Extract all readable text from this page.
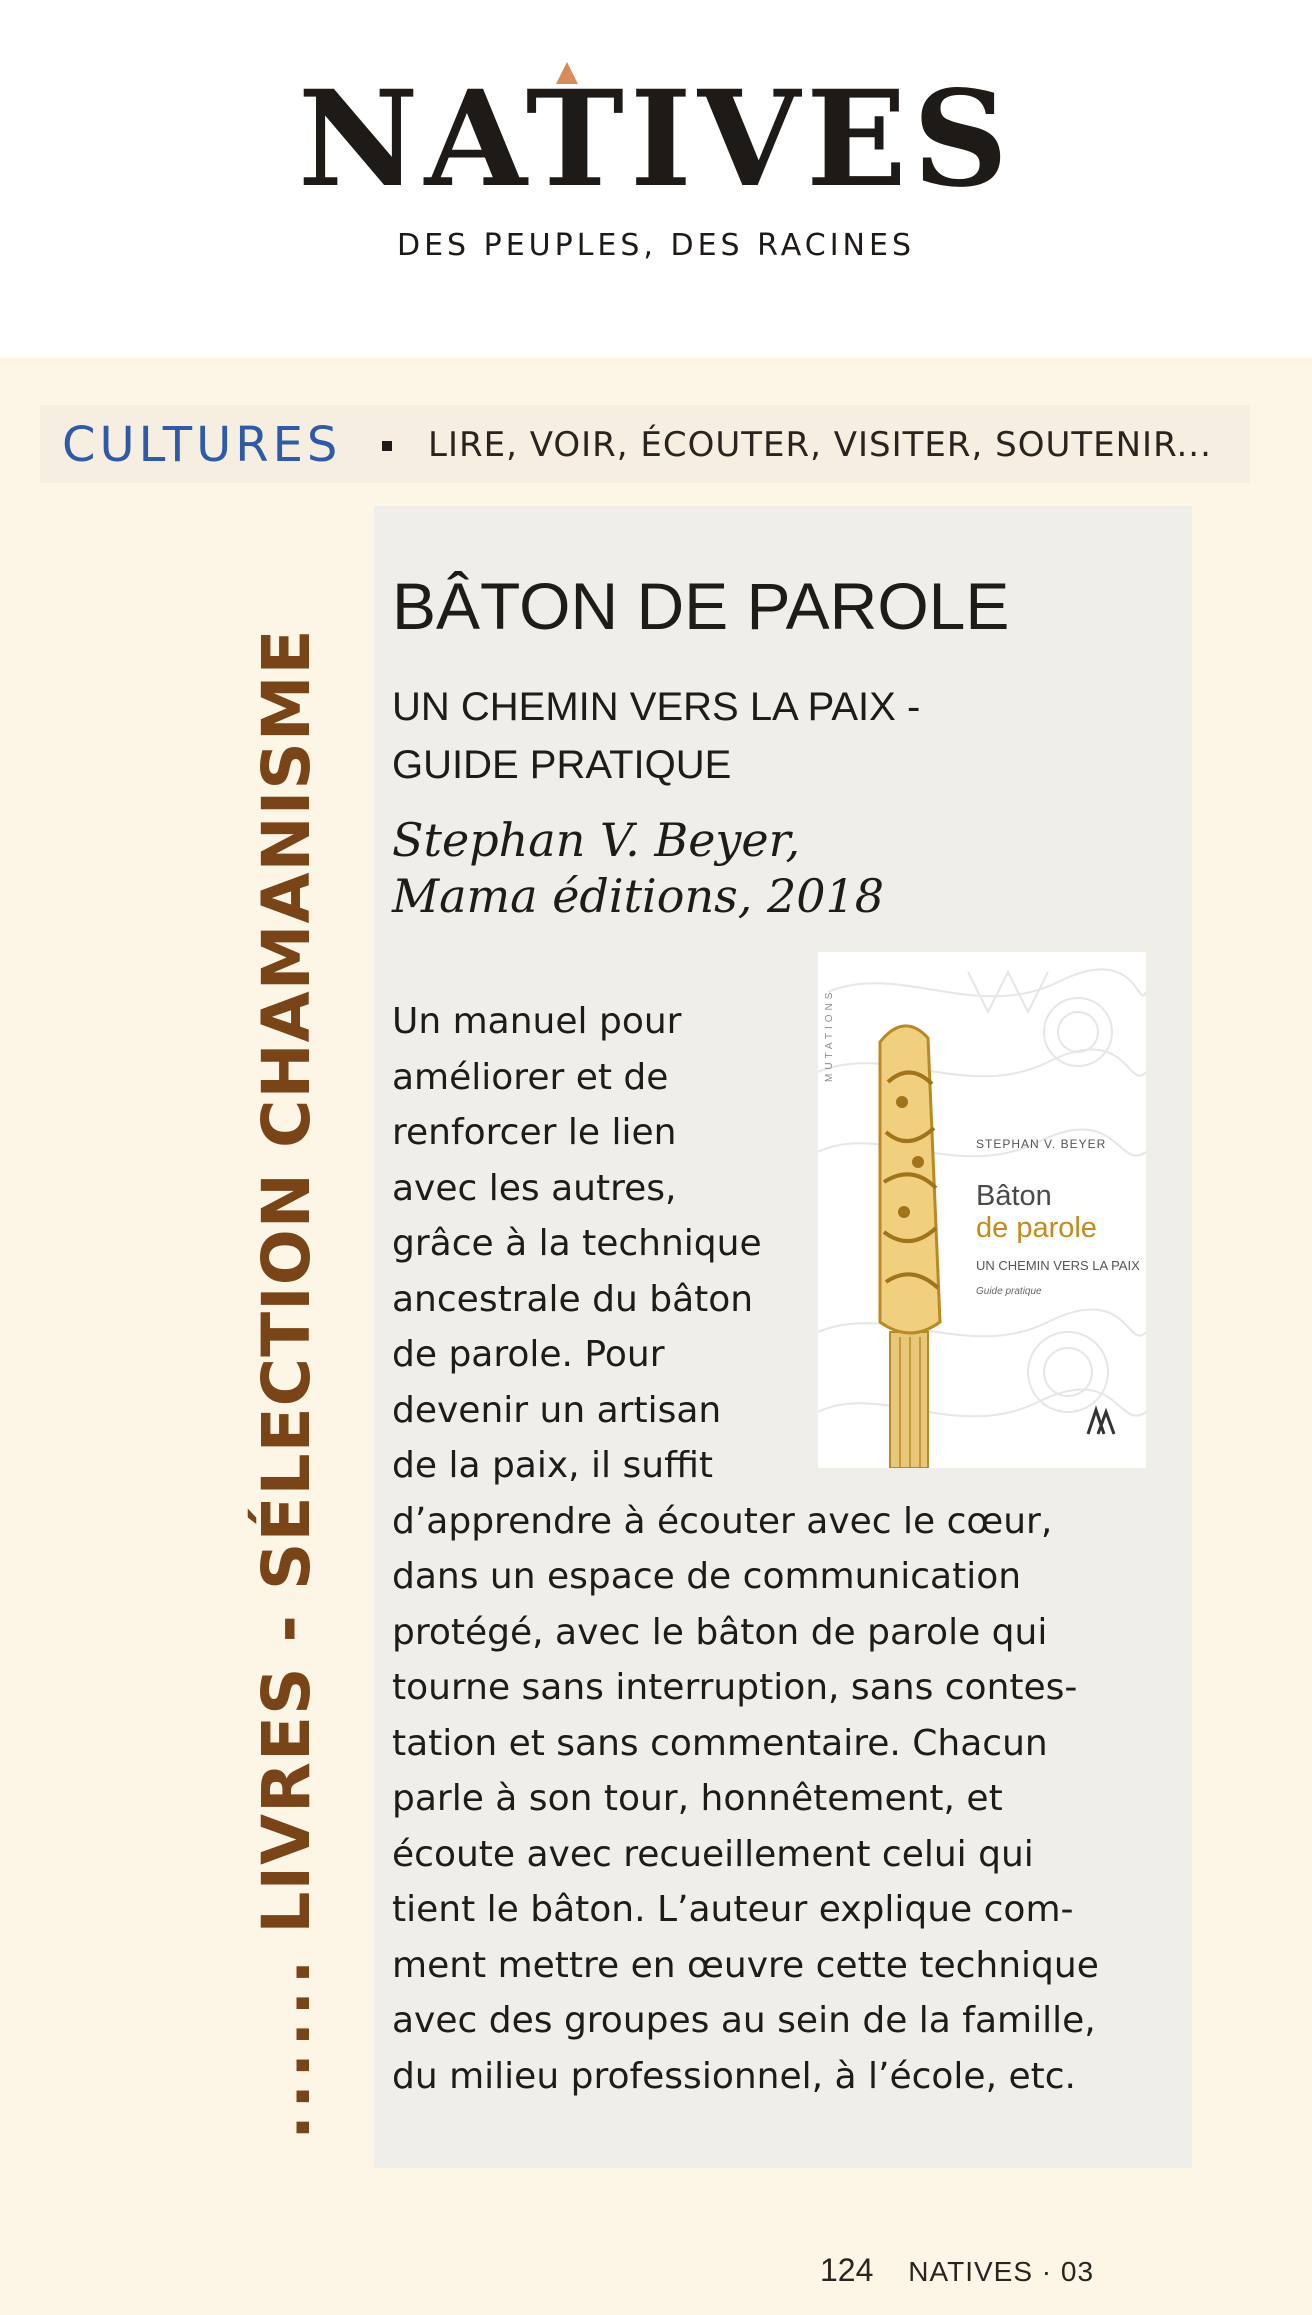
NATIVES
DES PEUPLES, DES RACINES
CULTURES	LIRE, VOIR, ÉCOUTER, VISITER, SOUTENIR...
......LIVRES - SÉLECTION CHAMANISME
BÂTON DE PAROLE
UN CHEMIN VERS LA PAIX -
GUIDE PRATIQUE
Stephan V. Beyer,
Mama éditions, 2018
MUTATIONS
STEPHAN V. BEYER
Bâton
de parole
UN CHEMIN VERS LA PAIX
Guide pratique
Un manuel pour
améliorer et de
renforcer le lien
avec les autres,
grâce à la technique
ancestrale du bâton
de parole. Pour
devenir un artisan
de la paix, il suffit
d’apprendre à écouter avec le cœur,
dans un espace de communication
protégé, avec le bâton de parole qui
tourne sans interruption, sans contes-
tation et sans commentaire. Chacun
parle à son tour, honnêtement, et
écoute avec recueillement celui qui
tient le bâton. L’auteur explique com-
ment mettre en œuvre cette technique
avec des groupes au sein de la famille,
du milieu professionnel, à l’école, etc.
124 NATIVES · 03
